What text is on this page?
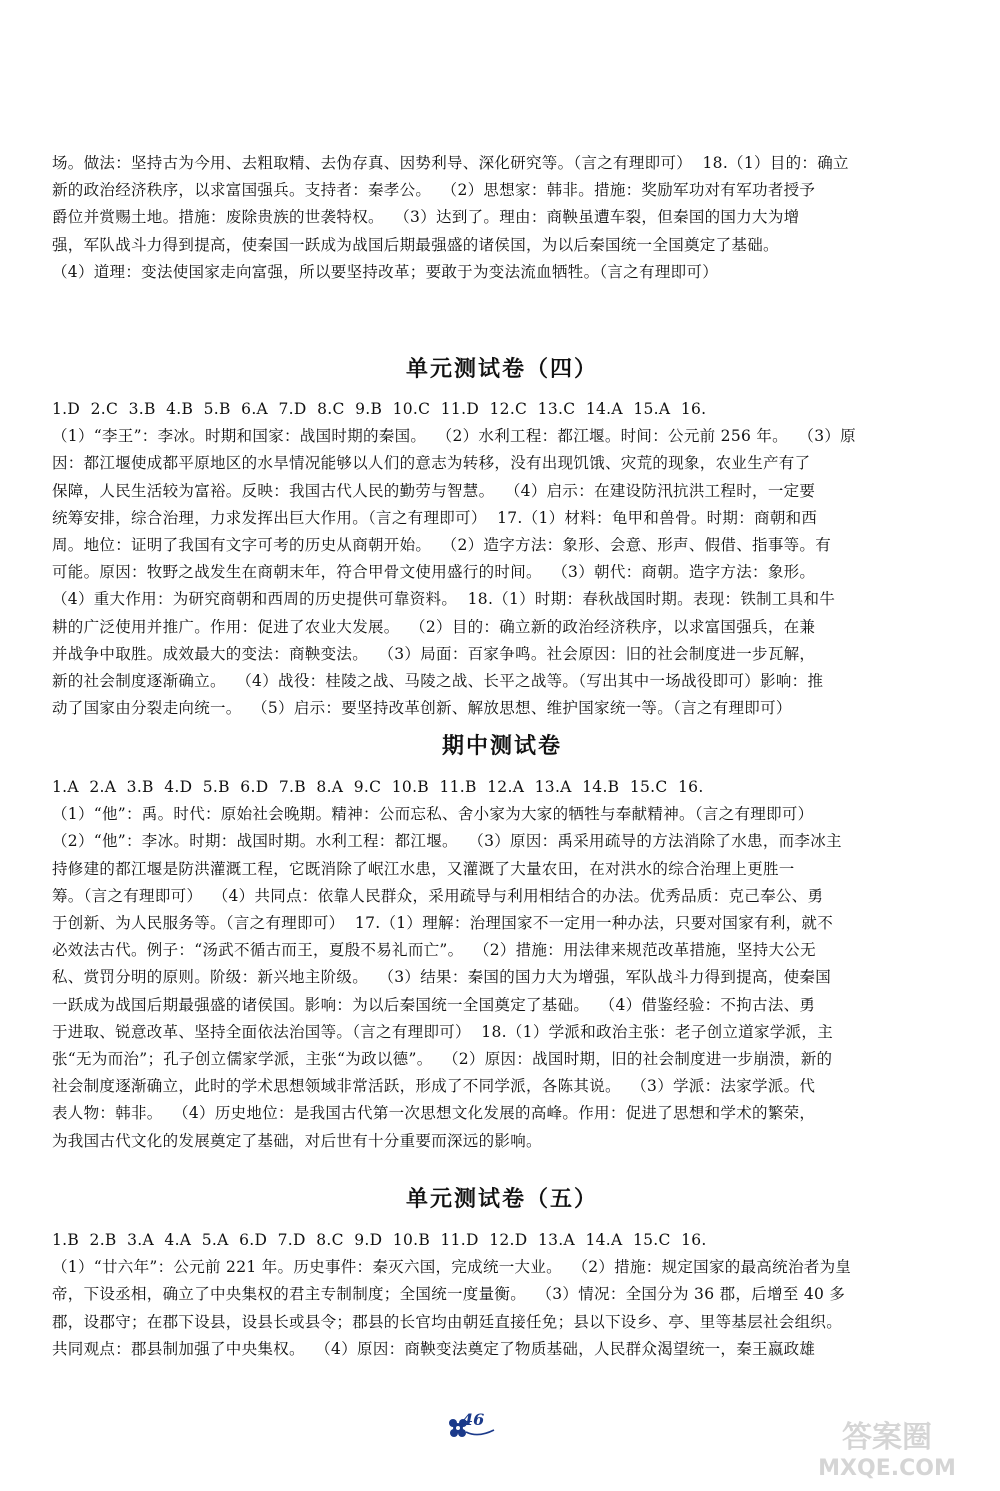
场。做法：坚持古为今用、去粗取精、去伪存真、因势利导、深化研究等。（言之有理即可）  18.（1）目的：确立

新的政治经济秩序，以求富国强兵。支持者：秦孝公。  （2）思想家：韩非。措施：奖励军功对有军功者授予

爵位并赏赐土地。措施：废除贵族的世袭特权。  （3）达到了。理由：商鞅虽遭车裂，但秦国的国力大为增

强，军队战斗力得到提高，使秦国一跃成为战国后期最强盛的诸侯国，为以后秦国统一全国奠定了基础。

（4）道理：变法使国家走向富强，所以要坚持改革；要敢于为变法流血牺牲。（言之有理即可）

单元测试卷（四）

1.D  2.C  3.B  4.B  5.B  6.A  7.D  8.C  9.B  10.C  11.D  12.C  13.C  14.A  15.A  16.

（1）“李王”：李冰。时期和国家：战国时期的秦国。  （2）水利工程：都江堰。时间：公元前 256 年。  （3）原

因：都江堰使成都平原地区的水旱情况能够以人们的意志为转移，没有出现饥饿、灾荒的现象，农业生产有了

保障，人民生活较为富裕。反映：我国古代人民的勤劳与智慧。  （4）启示：在建设防汛抗洪工程时，一定要

统筹安排，综合治理，力求发挥出巨大作用。（言之有理即可）  17.（1）材料：龟甲和兽骨。时期：商朝和西

周。地位：证明了我国有文字可考的历史从商朝开始。  （2）造字方法：象形、会意、形声、假借、指事等。有

可能。原因：牧野之战发生在商朝末年，符合甲骨文使用盛行的时间。  （3）朝代：商朝。造字方法：象形。

（4）重大作用：为研究商朝和西周的历史提供可靠资料。  18.（1）时期：春秋战国时期。表现：铁制工具和牛

耕的广泛使用并推广。作用：促进了农业大发展。  （2）目的：确立新的政治经济秩序，以求富国强兵，在兼

并战争中取胜。成效最大的变法：商鞅变法。  （3）局面：百家争鸣。社会原因：旧的社会制度进一步瓦解，

新的社会制度逐渐确立。  （4）战役：桂陵之战、马陵之战、长平之战等。（写出其中一场战役即可）影响：推

动了国家由分裂走向统一。  （5）启示：要坚持改革创新、解放思想、维护国家统一等。（言之有理即可）

期中测试卷

1.A  2.A  3.B  4.D  5.B  6.D  7.B  8.A  9.C  10.B  11.B  12.A  13.A  14.B  15.C  16.

（1）“他”：禹。时代：原始社会晚期。精神：公而忘私、舍小家为大家的牺牲与奉献精神。（言之有理即可）

（2）“他”：李冰。时期：战国时期。水利工程：都江堰。  （3）原因：禹采用疏导的方法消除了水患，而李冰主

持修建的都江堰是防洪灌溉工程，它既消除了岷江水患，又灌溉了大量农田，在对洪水的综合治理上更胜一

筹。（言之有理即可）  （4）共同点：依靠人民群众，采用疏导与利用相结合的办法。优秀品质：克己奉公、勇

于创新、为人民服务等。（言之有理即可）  17.（1）理解：治理国家不一定用一种办法，只要对国家有利，就不

必效法古代。例子：“汤武不循古而王，夏殷不易礼而亡”。  （2）措施：用法律来规范改革措施，坚持大公无

私、赏罚分明的原则。阶级：新兴地主阶级。  （3）结果：秦国的国力大为增强，军队战斗力得到提高，使秦国

一跃成为战国后期最强盛的诸侯国。影响：为以后秦国统一全国奠定了基础。  （4）借鉴经验：不拘古法、勇

于进取、锐意改革、坚持全面依法治国等。（言之有理即可）  18.（1）学派和政治主张：老子创立道家学派，主

张“无为而治”；孔子创立儒家学派，主张“为政以德”。  （2）原因：战国时期，旧的社会制度进一步崩溃，新的

社会制度逐渐确立，此时的学术思想领域非常活跃，形成了不同学派，各陈其说。  （3）学派：法家学派。代

表人物：韩非。  （4）历史地位：是我国古代第一次思想文化发展的高峰。作用：促进了思想和学术的繁荣，

为我国古代文化的发展奠定了基础，对后世有十分重要而深远的影响。

单元测试卷（五）

1.B  2.B  3.A  4.A  5.A  6.D  7.D  8.C  9.D  10.B  11.D  12.D  13.A  14.A  15.C  16.

（1）“廿六年”：公元前 221 年。历史事件：秦灭六国，完成统一大业。  （2）措施：规定国家的最高统治者为皇

帝，下设丞相，确立了中央集权的君主专制制度；全国统一度量衡。  （3）情况：全国分为 36 郡，后增至 40 多

郡，设郡守；在郡下设县，设县长或县令；郡县的长官均由朝廷直接任免；县以下设乡、亭、里等基层社会组织。

共同观点：郡县制加强了中央集权。  （4）原因：商鞅变法奠定了物质基础，人民群众渴望统一，秦王嬴政雄

46
答案圈
MXQE.COM
